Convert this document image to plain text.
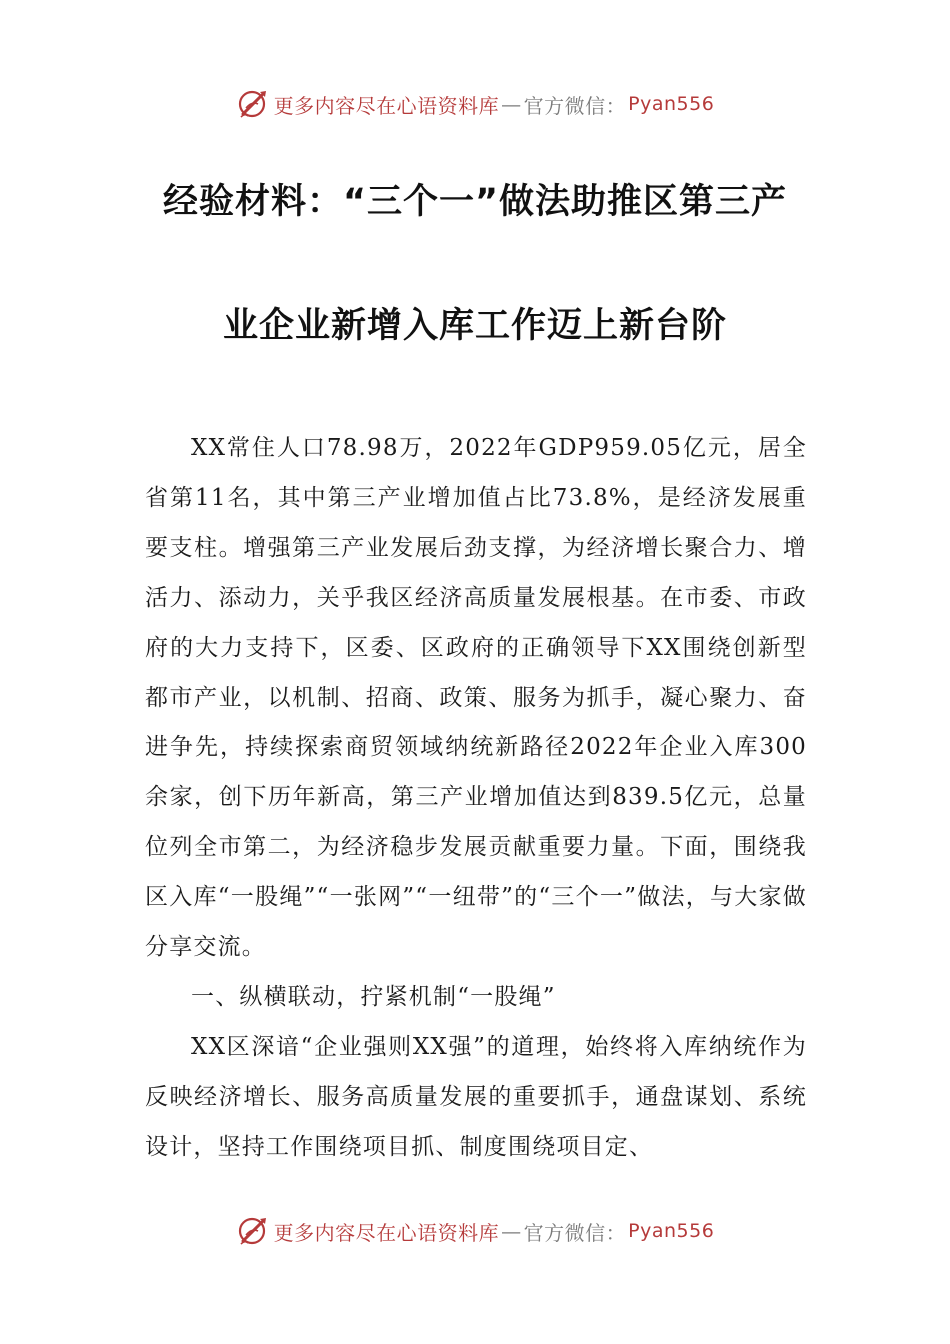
更多内容尽在心语资料库 — 官方微信： Pyan556
经验材料：“三个一”做法助推区第三产
业企业新增入库工作迈上新台阶

XX常住人口78.98万，2022年GDP959.05亿元，居全省第11名，其中第三产业增加值占比73.8%，是经济发展重要支柱。增强第三产业发展后劲支撑，为经济增长聚合力、增活力、添动力，关乎我区经济高质量发展根基。在市委、市政府的大力支持下，区委、区政府的正确领导下XX围绕创新型都市产业，以机制、招商、政策、服务为抓手，凝心聚力、奋进争先，持续探索商贸领域纳统新路径2022年企业入库300余家，创下历年新高，第三产业增加值达到839.5亿元，总量位列全市第二，为经济稳步发展贡献重要力量。下面，围绕我区入库“一股绳”“一张网”“一纽带”的“三个一”做法，与大家做分享交流。

一、纵横联动，拧紧机制“一股绳”

XX区深谙“企业强则XX强”的道理，始终将入库纳统作为反映经济增长、服务高质量发展的重要抓手，通盘谋划、系统设计，坚持工作围绕项目抓、制度围绕项目定、

更多内容尽在心语资料库 — 官方微信： Pyan556
